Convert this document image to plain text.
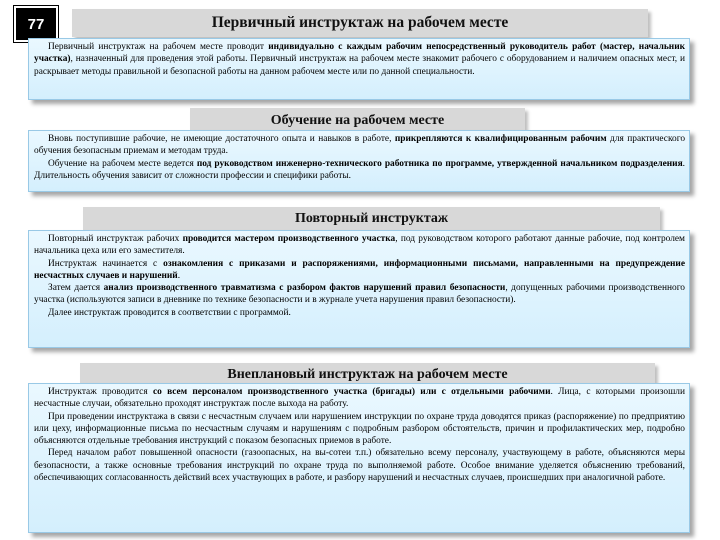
77	Первичный инструктаж на рабочем месте

Первичный инструктаж на рабочем месте проводит индивидуально с каждым рабочим непосредственный руководитель работ (мастер, начальник участка), назначенный для проведения этой работы. Первичный инструктаж на рабочем месте знакомит рабочего с оборудованием и наличием опасных мест, и раскрывает методы правильной и безопасной работы на данном рабочем месте или по данной специальности.

Обучение на рабочем месте

Вновь поступившие рабочие, не имеющие достаточного опыта и навыков в работе, прикрепляются к квалифицированным рабочим для практического обучения безопасным приемам и методам труда.

Обучение на рабочем месте ведется под руководством инженерно-технического работника по программе, утвержденной начальником подразделения. Длительность обучения зависит от сложности профессии и специфики работы.

Повторный инструктаж

Повторный инструктаж рабочих проводится мастером производственного участка, под руководством которого работают данные рабочие, под контролем начальника цеха или его заместителя.

Инструктаж начинается с ознакомления с приказами и распоряжениями, информационными письмами, направленными на предупреждение несчастных случаев и нарушений.

Затем дается анализ производственного травматизма с разбором фактов нарушений правил безопасности, допущенных рабочими производственного участка (используются записи в дневнике по технике безопасности и в журнале учета нарушения правил безопасности).

Далее инструктаж проводится в соответствии с программой.

Внеплановый инструктаж на рабочем месте

Инструктаж проводится со всем персоналом производственного участка (бригады) или с отдельными рабочими. Лица, с которыми произошли несчастные случаи, обязательно проходят инструктаж после выхода на работу.

При проведении инструктажа в связи с несчастным случаем или нарушением инструкции по охране труда доводятся приказ (распоряжение) по предприятию или цеху, информационные письма по несчастным случаям и нарушениям с подробным разбором обстоятельств, причин и профилактических мер, подробно объясняются отдельные требования инструкций с показом безопасных приемов в работе.

Перед началом работ повышенной опасности (газоопасных, на вы-сотеи т.п.) обязательно всему персоналу, участвующему в работе, объясняются меры безопасности, а также основные требования инструкций по охране труда по выполняемой работе. Особое внимание уделяется объяснению требований, обеспечивающих согласованность действий всех участвующих в работе, и разбору нарушений и несчастных случаев, происшедших при аналогичной работе.
